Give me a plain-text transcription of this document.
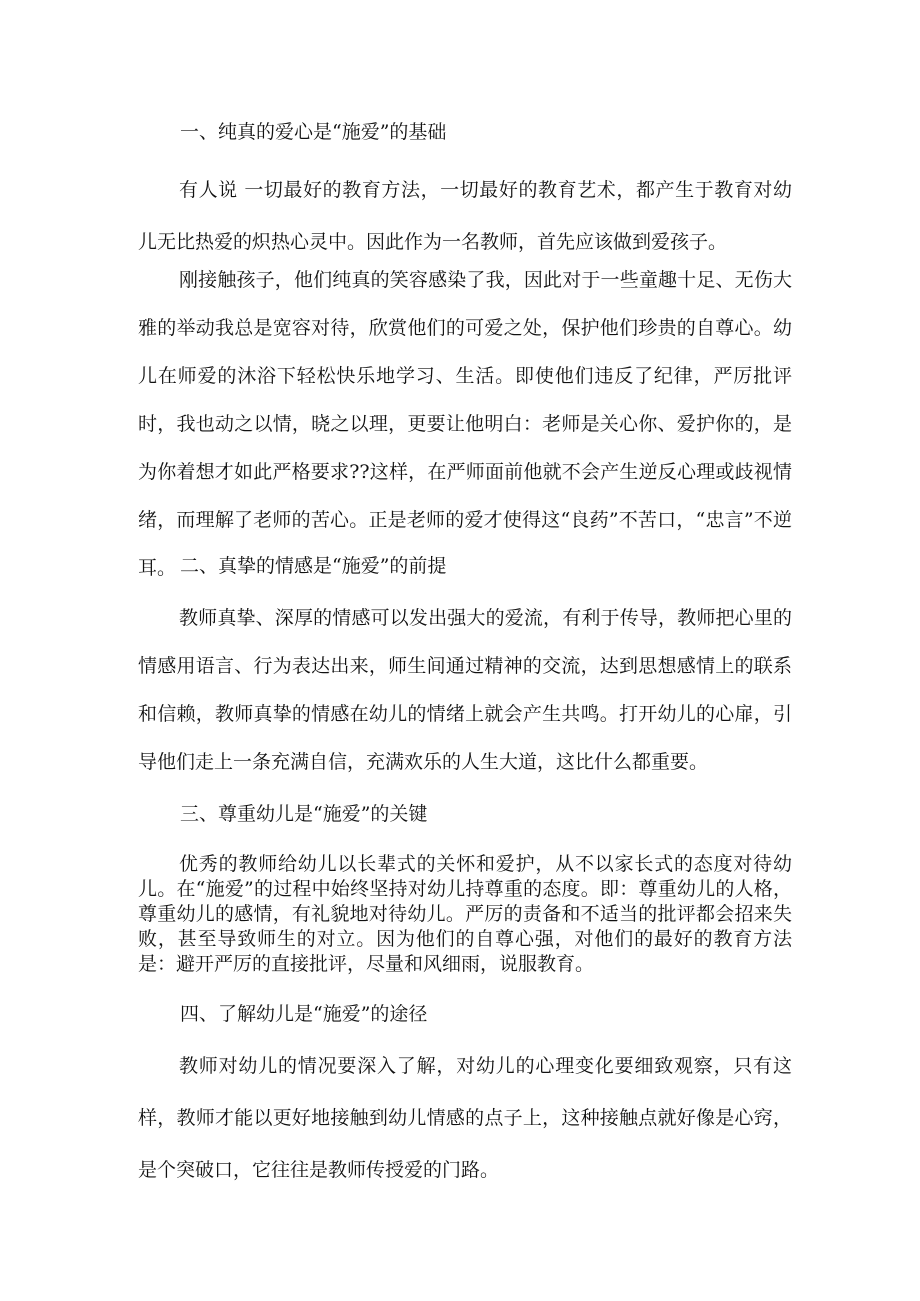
一、纯真的爱心是“施爱”的基础

有人说 一切最好的教育方法，一切最好的教育艺术，都产生于教育对幼儿无比热爱的炽热心灵中。因此作为一名教师，首先应该做到爱孩子。

刚接触孩子，他们纯真的笑容感染了我，因此对于一些童趣十足、无伤大雅的举动我总是宽容对待，欣赏他们的可爱之处，保护他们珍贵的自尊心。幼儿在师爱的沐浴下轻松快乐地学习、生活。即使他们违反了纪律，严厉批评时，我也动之以情，晓之以理，更要让他明白：老师是关心你、爱护你的，是为你着想才如此严格要求??这样，在严师面前他就不会产生逆反心理或歧视情绪，而理解了老师的苦心。正是老师的爱才使得这“良药”不苦口，“忠言”不逆耳。 二、真挚的情感是“施爱”的前提

教师真挚、深厚的情感可以发出强大的爱流，有利于传导，教师把心里的情感用语言、行为表达出来，师生间通过精神的交流，达到思想感情上的联系和信赖，教师真挚的情感在幼儿的情绪上就会产生共鸣。打开幼儿的心扉，引导他们走上一条充满自信，充满欢乐的人生大道，这比什么都重要。

三、尊重幼儿是“施爱”的关键

优秀的教师给幼儿以长辈式的关怀和爱护，从不以家长式的态度对待幼儿。在“施爱”的过程中始终坚持对幼儿持尊重的态度。即：尊重幼儿的人格，尊重幼儿的感情，有礼貌地对待幼儿。严厉的责备和不适当的批评都会招来失败，甚至导致师生的对立。因为他们的自尊心强，对他们的最好的教育方法是：避开严厉的直接批评，尽量和风细雨，说服教育。

四、了解幼儿是“施爱”的途径

教师对幼儿的情况要深入了解，对幼儿的心理变化要细致观察，只有这样，教师才能以更好地接触到幼儿情感的点子上，这种接触点就好像是心窍，是个突破口，它往往是教师传授爱的门路。
